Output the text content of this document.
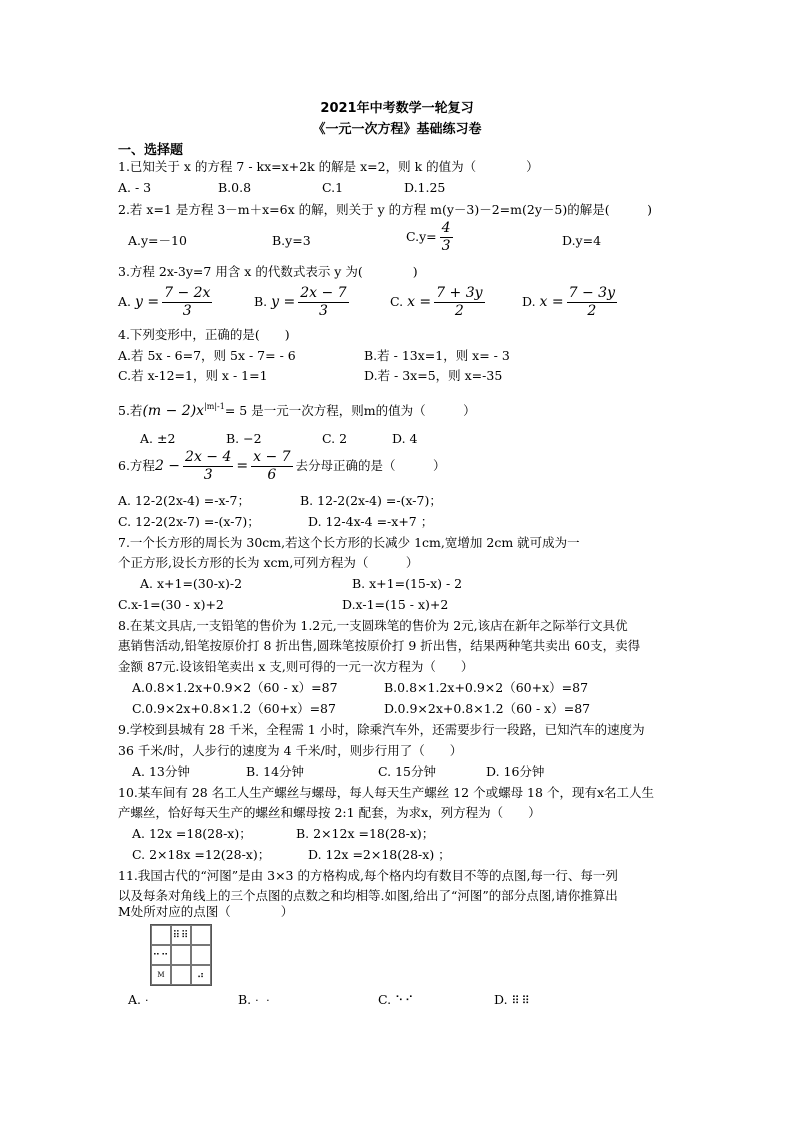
2021年中考数学一轮复习
《一元一次方程》基础练习卷
一、选择题
1.已知关于 x 的方程 7 - kx=x+2k 的解是 x=2，则 k 的值为（　　　　）
A. - 3	B.0.8	C.1	D.1.25
2.若 x=1 是方程 3－m＋x=6x 的解，则关于 y 的方程 m(y－3)－2=m(2y－5)的解是(　　　)
A.y=－10	B.y=3	$C.y= \frac{4}{3}$	D.y=4
3.方程 2x-3y=7 用含 x 的代数式表示 y 为(　　　　)
A. $y = \frac{7 - 2x}{3}$	B. $y = \frac{2x - 7}{3}$	C. $x = \frac{7 + 3y}{2}$	D. $x = \frac{7 - 3y}{2}$
4.下列变形中，正确的是(　　)
A.若 5x - 6=7，则 5x - 7= - 6	B.若 - 13x=1，则 x= - 3
C.若 x-12=1，则 x - 1=1	D.若 - 3x=5，则 x=-35
5.若$(m - 2)x^{|m|-1}= 5$ 是一元一次方程，则m的值为（　　　）
A. ±2	B. −2	C. 2	D. 4
6.方程$2 - \frac{2x - 4}{3} = \frac{x - 7}{6}$ 去分母正确的是（　　　）
A. 12-2(2x-4) =-x-7；	B. 12-2(2x-4) =-(x-7)；
C. 12-2(2x-7) =-(x-7)；	D. 12-4x-4 =-x+7 ；
7.一个长方形的周长为 30cm,若这个长方形的长减少 1cm,宽增加 2cm 就可成为一
个正方形,设长方形的长为 xcm,可列方程为（　　　）
A. x+1=(30-x)-2	B. x+1=(15-x) - 2
C.x-1=(30 - x)+2	D.x-1=(15 - x)+2
8.在某文具店,一支铅笔的售价为 1.2元,一支圆珠笔的售价为 2元,该店在新年之际举行文具优
惠销售活动,铅笔按原价打 8 折出售,圆珠笔按原价打 9 折出售，结果两种笔共卖出 60支，卖得
金额 87元.设该铅笔卖出 x 支,则可得的一元一次方程为（　　）
A.0.8×1.2x+0.9×2（60 - x）=87	B.0.8×1.2x+0.9×2（60+x）=87
C.0.9×2x+0.8×1.2（60+x）=87	D.0.9×2x+0.8×1.2（60 - x）=87
9.学校到县城有 28 千米，全程需 1 小时，除乘汽车外，还需要步行一段路，已知汽车的速度为
36 千米/时，人步行的速度为 4 千米/时，则步行用了（　　）
A. 13分钟	B. 14分钟	C. 15分钟	D. 16分钟
10.某车间有 28 名工人生产螺丝与螺母，每人每天生产螺丝 12 个或螺母 18 个，现有x名工人生
产螺丝，恰好每天生产的螺丝和螺母按 2:1 配套，为求x，列方程为（　　）
A. 12x =18(28-x)；	B. 2×12x =18(28-x)；
C. 2×18x =12(28-x)；	D. 12x =2×18(28-x) ；
11.我国古代的“河图”是由 3×3 的方格构成,每个格内均有数目不等的点图,每一行、每一列
以及每条对角线上的三个点图的点数之和均相等.如图,给出了“河图”的部分点图,请你推算出
M处所对应的点图（　　　　）
⠿⠿
⠒⠒
M	⠴
A. ·	B. · ·	C. ⠑⠊	D. ⠿⠿
